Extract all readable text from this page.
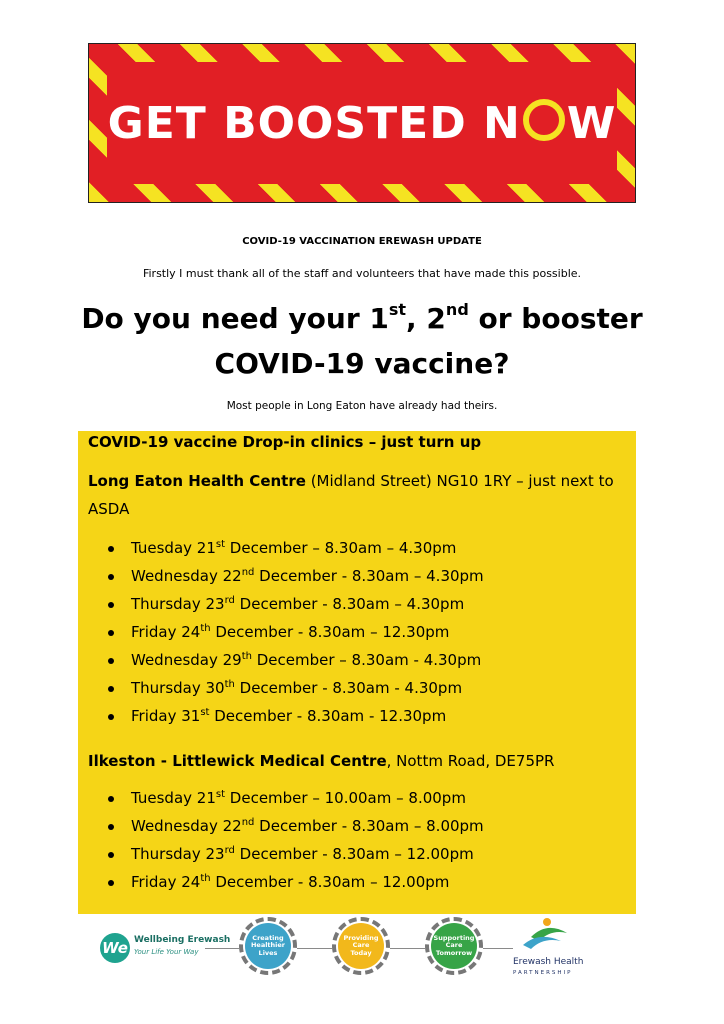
GET BOOSTED N W
COVID-19 VACCINATION EREWASH UPDATE
Firstly I must thank all of the staff and volunteers that have made this possible.
Do you need your 1st, 2nd or booster
COVID-19 vaccine?
Most people in Long Eaton have already had theirs.
COVID-19 vaccine Drop-in clinics – just turn up
Long Eaton Health Centre (Midland Street) NG10 1RY – just next to ASDA
Tuesday 21st December – 8.30am – 4.30pm
Wednesday 22nd December - 8.30am – 4.30pm
Thursday 23rd December - 8.30am – 4.30pm
Friday 24th December - 8.30am – 12.30pm
Wednesday 29th December – 8.30am - 4.30pm
Thursday 30th December - 8.30am - 4.30pm
Friday 31st December - 8.30am - 12.30pm
Ilkeston - Littlewick Medical Centre, Nottm Road, DE75PR
Tuesday 21st December – 10.00am – 8.00pm
Wednesday 22nd December - 8.30am – 8.00pm
Thursday 23rd December - 8.30am – 12.00pm
Friday 24th December - 8.30am – 12.00pm
We Wellbeing Erewash
Your Life Your Way
Creating
Healthier
Lives
Providing
Care
Today
Supporting
Care
Tomorrow
Erewash Health
PARTNERSHIP
